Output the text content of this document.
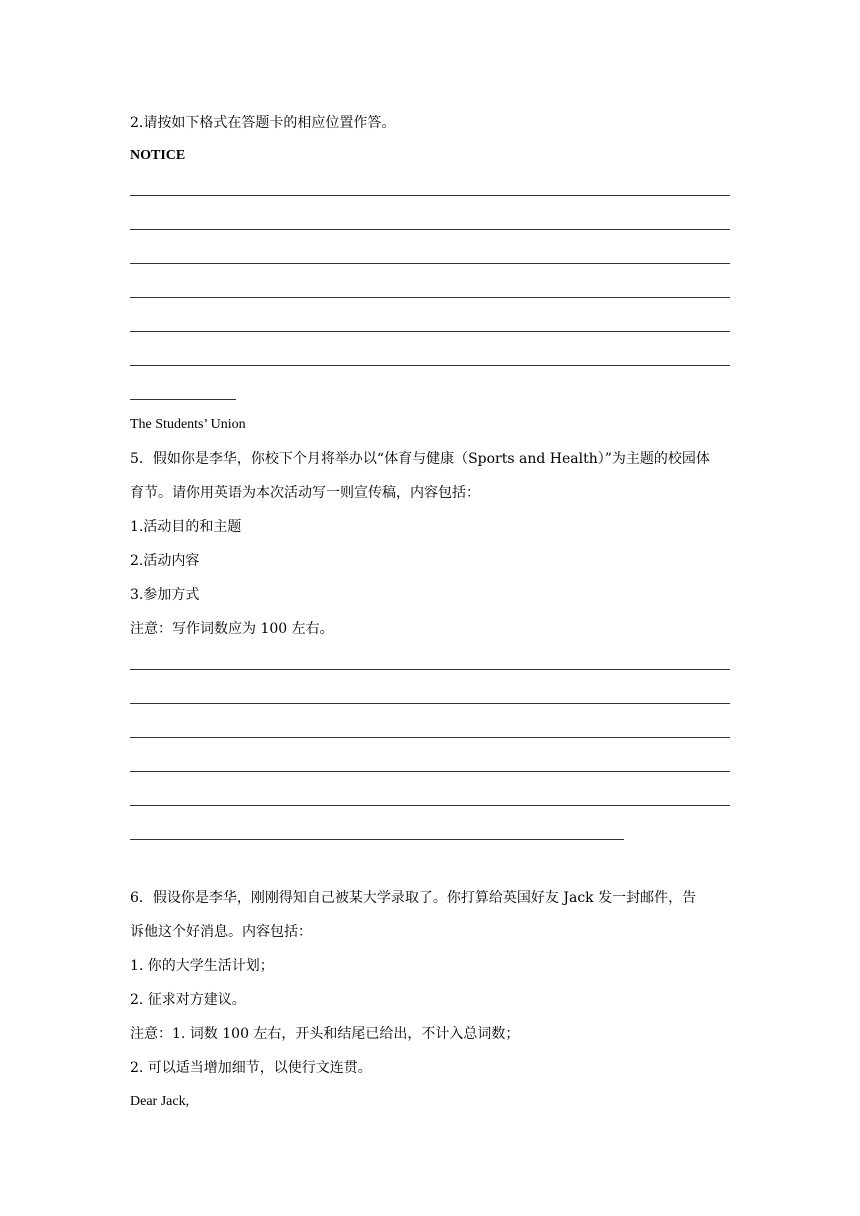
2.请按如下格式在答题卡的相应位置作答。
NOTICE
The Students’ Union
5．假如你是李华，你校下个月将举办以“体育与健康（Sports and Health）”为主题的校园体
育节。请你用英语为本次活动写一则宣传稿，内容包括：
1.活动目的和主题
2.活动内容
3.参加方式
注意：写作词数应为 100 左右。
6．假设你是李华，刚刚得知自己被某大学录取了。你打算给英国好友 Jack 发一封邮件，告
诉他这个好消息。内容包括：
1. 你的大学生活计划；
2. 征求对方建议。
注意：1. 词数 100 左右，开头和结尾已给出，不计入总词数；
2. 可以适当增加细节，以使行文连贯。
Dear Jack,
